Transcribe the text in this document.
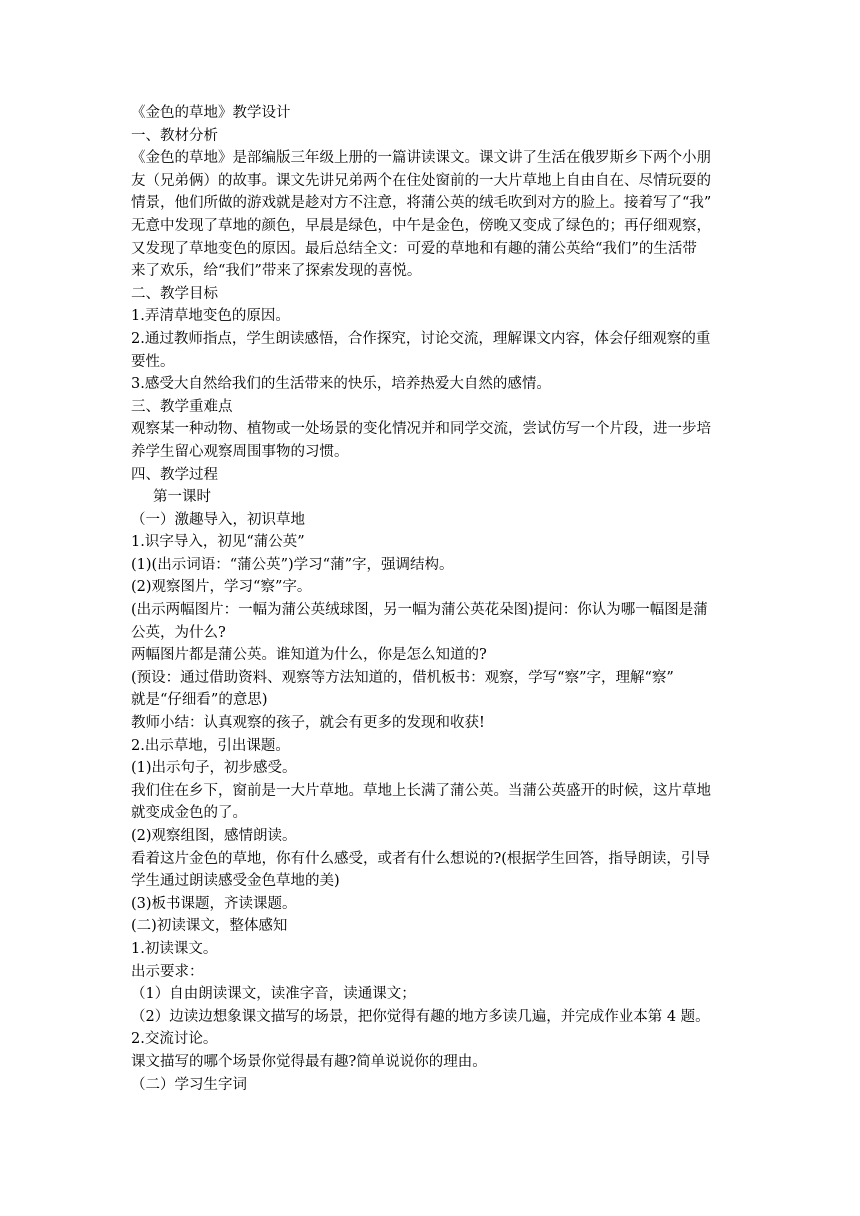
《金色的草地》教学设计
一、教材分析
《金色的草地》是部编版三年级上册的一篇讲读课文。课文讲了生活在俄罗斯乡下两个小朋
友（兄弟俩）的故事。课文先讲兄弟两个在住处窗前的一大片草地上自由自在、尽情玩耍的
情景，他们所做的游戏就是趁对方不注意，将蒲公英的绒毛吹到对方的脸上。接着写了“我”
无意中发现了草地的颜色，早晨是绿色，中午是金色，傍晚又变成了绿色的；再仔细观察，
又发现了草地变色的原因。最后总结全文：可爱的草地和有趣的蒲公英给“我们”的生活带
来了欢乐，给“我们”带来了探索发现的喜悦。
二、教学目标
1.弄清草地变色的原因。
2.通过教师指点，学生朗读感悟，合作探究，讨论交流，理解课文内容，体会仔细观察的重
要性。
3.感受大自然给我们的生活带来的快乐，培养热爱大自然的感情。
三、教学重难点
观察某一种动物、植物或一处场景的变化情况并和同学交流，尝试仿写一个片段，进一步培
养学生留心观察周围事物的习惯。
四、教学过程
第一课时
（一）激趣导入，初识草地
1.识字导入，初见“蒲公英”
(1)(出示词语：“蒲公英”)学习“蒲”字，强调结构。
(2)观察图片，学习“察”字。
(出示两幅图片：一幅为蒲公英绒球图，另一幅为蒲公英花朵图)提问：你认为哪一幅图是蒲
公英，为什么?
两幅图片都是蒲公英。谁知道为什么，你是怎么知道的?
(预设：通过借助资料、观察等方法知道的，借机板书：观察，学写“察”字，理解“察”
就是“仔细看”的意思)
教师小结：认真观察的孩子，就会有更多的发现和收获!
2.出示草地，引出课题。
(1)出示句子，初步感受。
我们住在乡下，窗前是一大片草地。草地上长满了蒲公英。当蒲公英盛开的时候，这片草地
就变成金色的了。
(2)观察组图，感情朗读。
看着这片金色的草地，你有什么感受，或者有什么想说的?(根据学生回答，指导朗读，引导
学生通过朗读感受金色草地的美)
(3)板书课题，齐读课题。
(二)初读课文，整体感知
1.初读课文。
出示要求：
（1）自由朗读课文，读准字音，读通课文；
（2）边读边想象课文描写的场景，把你觉得有趣的地方多读几遍，并完成作业本第 4 题。
2.交流讨论。
课文描写的哪个场景你觉得最有趣?简单说说你的理由。
（二）学习生字词
